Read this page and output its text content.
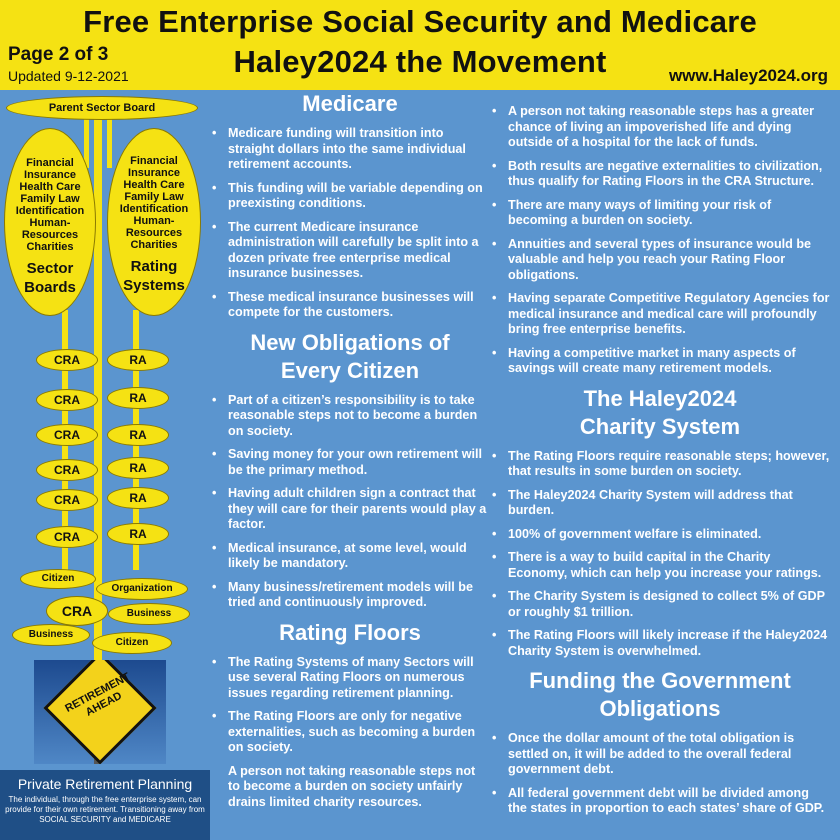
Free Enterprise Social Security and Medicare
Haley2024 the Movement
Page 2 of 3
Updated 9-12-2021	www.Haley2024.org
Parent Sector Board
Financial
Insurance
Health Care
Family Law
Identification
Human-
Resources
Charities
Sector
Boards
Financial
Insurance
Health Care
Family Law
Identification
Human-
Resources
Charities
Rating
Systems
CRA
CRA
CRA
CRA
CRA
CRA
RA
RA
RA
RA
RA
RA
Citizen
Organization
CRA	Business
Business
Citizen
RETIREMENT AHEAD
Private Retirement Planning
The individual, through the free enterprise system, can provide for their own retirement. Transitioning away from SOCIAL SECURITY and MEDICARE
Medicare
• Medicare funding will transition into straight dollars into the same individual retirement accounts.
• This funding will be variable depending on preexisting conditions.
• The current Medicare insurance administration will carefully be split into a dozen private free enterprise medical insurance businesses.
• These medical insurance businesses will compete for the customers.
New Obligations of
Every Citizen
• Part of a citizen’s responsibility is to take reasonable steps not to become a burden on society.
• Saving money for your own retirement will be the primary method.
• Having adult children sign a contract that they will care for their parents would play a factor.
• Medical insurance, at some level, would likely be mandatory.
• Many business/retirement models will be tried and continuously improved.
Rating Floors
• The Rating Systems of many Sectors will use several Rating Floors on numerous issues regarding retirement planning.
• The Rating Floors are only for negative externalities, such as becoming a burden on society.

A person not taking reasonable steps not to become a burden on society unfairly drains limited charity resources.

• A person not taking reasonable steps has a greater chance of living an impoverished life and dying outside of a hospital for the lack of funds.
• Both results are negative externalities to civilization, thus qualify for Rating Floors in the CRA Structure.
• There are many ways of limiting your risk of becoming a burden on society.
• Annuities and several types of insurance would be valuable and help you reach your Rating Floor obligations.
• Having separate Competitive Regulatory Agencies for medical insurance and medical care will profoundly bring free enterprise benefits.
• Having a competitive market in many aspects of savings will create many retirement models.
The Haley2024
Charity System
• The Rating Floors require reasonable steps; however, that results in some burden on society.
• The Haley2024 Charity System will address that burden.
• 100% of government welfare is eliminated.
• There is a way to build capital in the Charity Economy, which can help you increase your ratings.
• The Charity System is designed to collect 5% of GDP or roughly $1 trillion.
• The Rating Floors will likely increase if the Haley2024 Charity System is overwhelmed.
Funding the Government
Obligations
• Once the dollar amount of the total obligation is settled on, it will be added to the overall federal government debt.
• All federal government debt will be divided among the states in proportion to each states’ share of GDP.
